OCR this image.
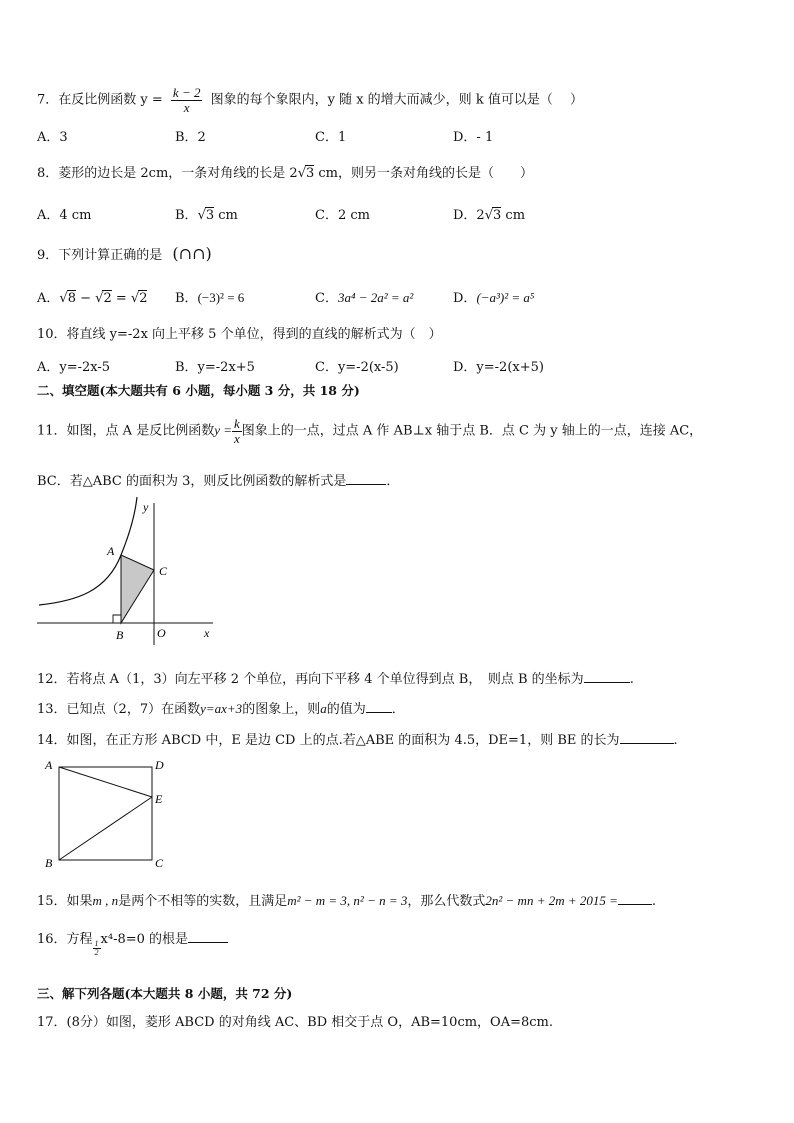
7．在反比例函数 $y = \frac{k - 2}{x}$ 图象的每个象限内，y 随 x 的增大而减少，则 k 值可以是（　 ）
A．3	B．2	C．1	D．- 1
8．菱形的边长是 2cm，一条对角线的长是 2√3 cm，则另一条对角线的长是（　　）
A．4 cm	B．√3 cm	C．2 cm	D．2√3 cm
9．下列计算正确的是 (∩∩)
A．√8 − √2 = √2 B．(−3)² = 6	C．3a⁴ − 2a² = a²	D．(−a³)² = a⁵
10．将直线 y=-2x 向上平移 5 个单位，得到的直线的解析式为（　）
A．y=-2x-5	B．y=-2x+5	C．y=-2(x-5)	D．y=-2(x+5)
二、填空题(本大题共有 6 小题，每小题 3 分，共 18 分)
11．如图，点 A 是反比例函数$y = \frac{k}{x}$ 图象上的一点，过点 A 作 AB⊥x 轴于点 B．点 C 为 y 轴上的一点，连接 AC，
BC．若△ABC 的面积为 3，则反比例函数的解析式是	．
y
A
C
B	O	x
12．若将点 A（1，3）向左平移 2 个单位，再向下平移 4 个单位得到点 B，　则点 B 的坐标为	.
13．已知点（2，7）在函数y=ax+3的图象上，则a的值为 ．
14．如图，在正方形 ABCD 中，E 是边 CD 上的点.若△ABE 的面积为 4.5，DE=1，则 BE 的长为	.
A	D
E
B	C
15．如果m , n是两个不相等的实数，且满足m² − m = 3, n² − n = 3，那么代数式2n² − mn + 2m + 2015 =	.
16．方程
$\frac{1}{2}$
x⁴-8=0 的根是
三、解下列各题(本大题共 8 小题，共 72 分)
17．(8分）如图，菱形 ABCD 的对角线 AC、BD 相交于点 O，AB=10cm，OA=8cm.
